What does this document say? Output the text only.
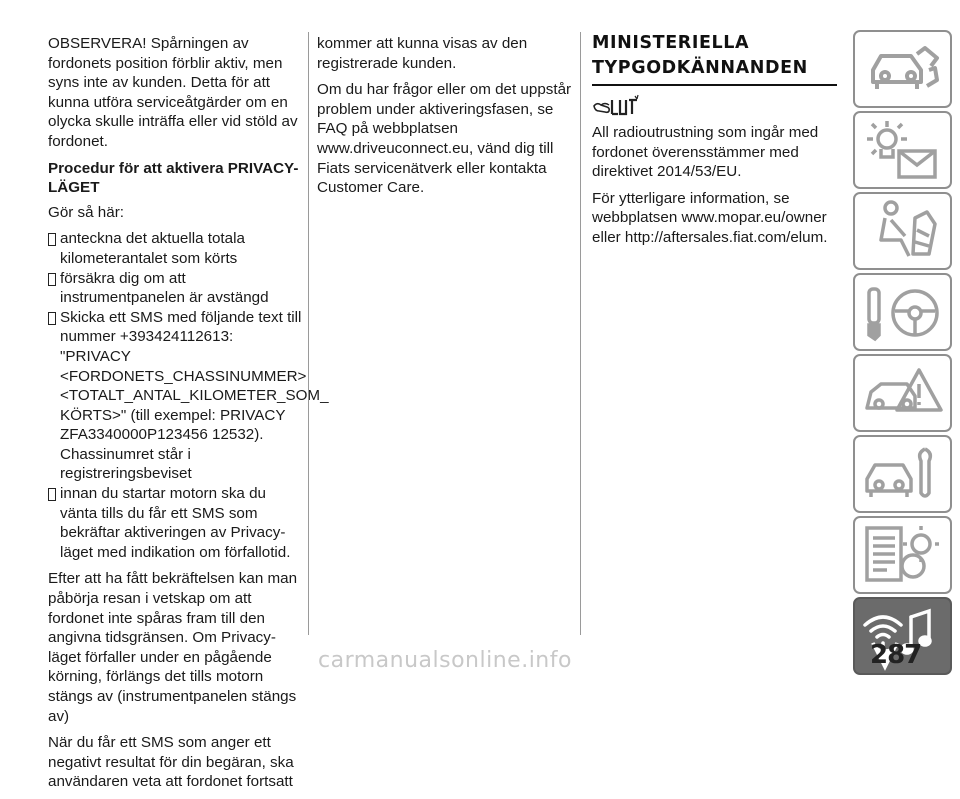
OBSERVERA! Spårningen av fordonets position förblir aktiv, men syns inte av kunden. Detta för att kunna utföra serviceåtgärder om en olycka skulle inträffa eller vid stöld av fordonet.

Procedur för att aktivera PRIVACY-LÄGET

Gör så här:

anteckna det aktuella totala kilometerantalet som körts

försäkra dig om att instrumentpanelen är avstängd

Skicka ett SMS med följande text till nummer +393424112613: "PRIVACY <FORDONETS_CHASSINUMMER> <TOTALT_ANTAL_KILOMETER_SOM_ KÖRTS>" (till exempel: PRIVACY ZFA3340000P123456 12532). Chassinumret står i registreringsbeviset

innan du startar motorn ska du vänta tills du får ett SMS som bekräftar aktiveringen av Privacy-läget med indikation om förfallotid.

Efter att ha fått bekräftelsen kan man påbörja resan i vetskap om att fordonet inte spåras fram till den angivna tidsgränsen. Om Privacy-läget förfaller under en pågående körning, förlängs det tills motorn stängs av (instrumentpanelen stängs av)

När du får ett SMS som anger ett negativt resultat för din begäran, ska användaren veta att fordonet fortsatt

kommer att kunna visas av den registrerade kunden.

Om du har frågor eller om det uppstår problem under aktiveringsfasen, se FAQ på webbplatsen www.driveuconnect.eu, vänd dig till Fiats servicenätverk eller kontakta Customer Care.

MINISTERIELLA

TYPGODKÄNNANDEN

All radioutrustning som ingår med fordonet överensstämmer med direktivet 2014/53/EU.

För ytterligare information, se webbplatsen www.mopar.eu/owner eller http://aftersales.fiat.com/elum.

287
carmanualsonline.info
